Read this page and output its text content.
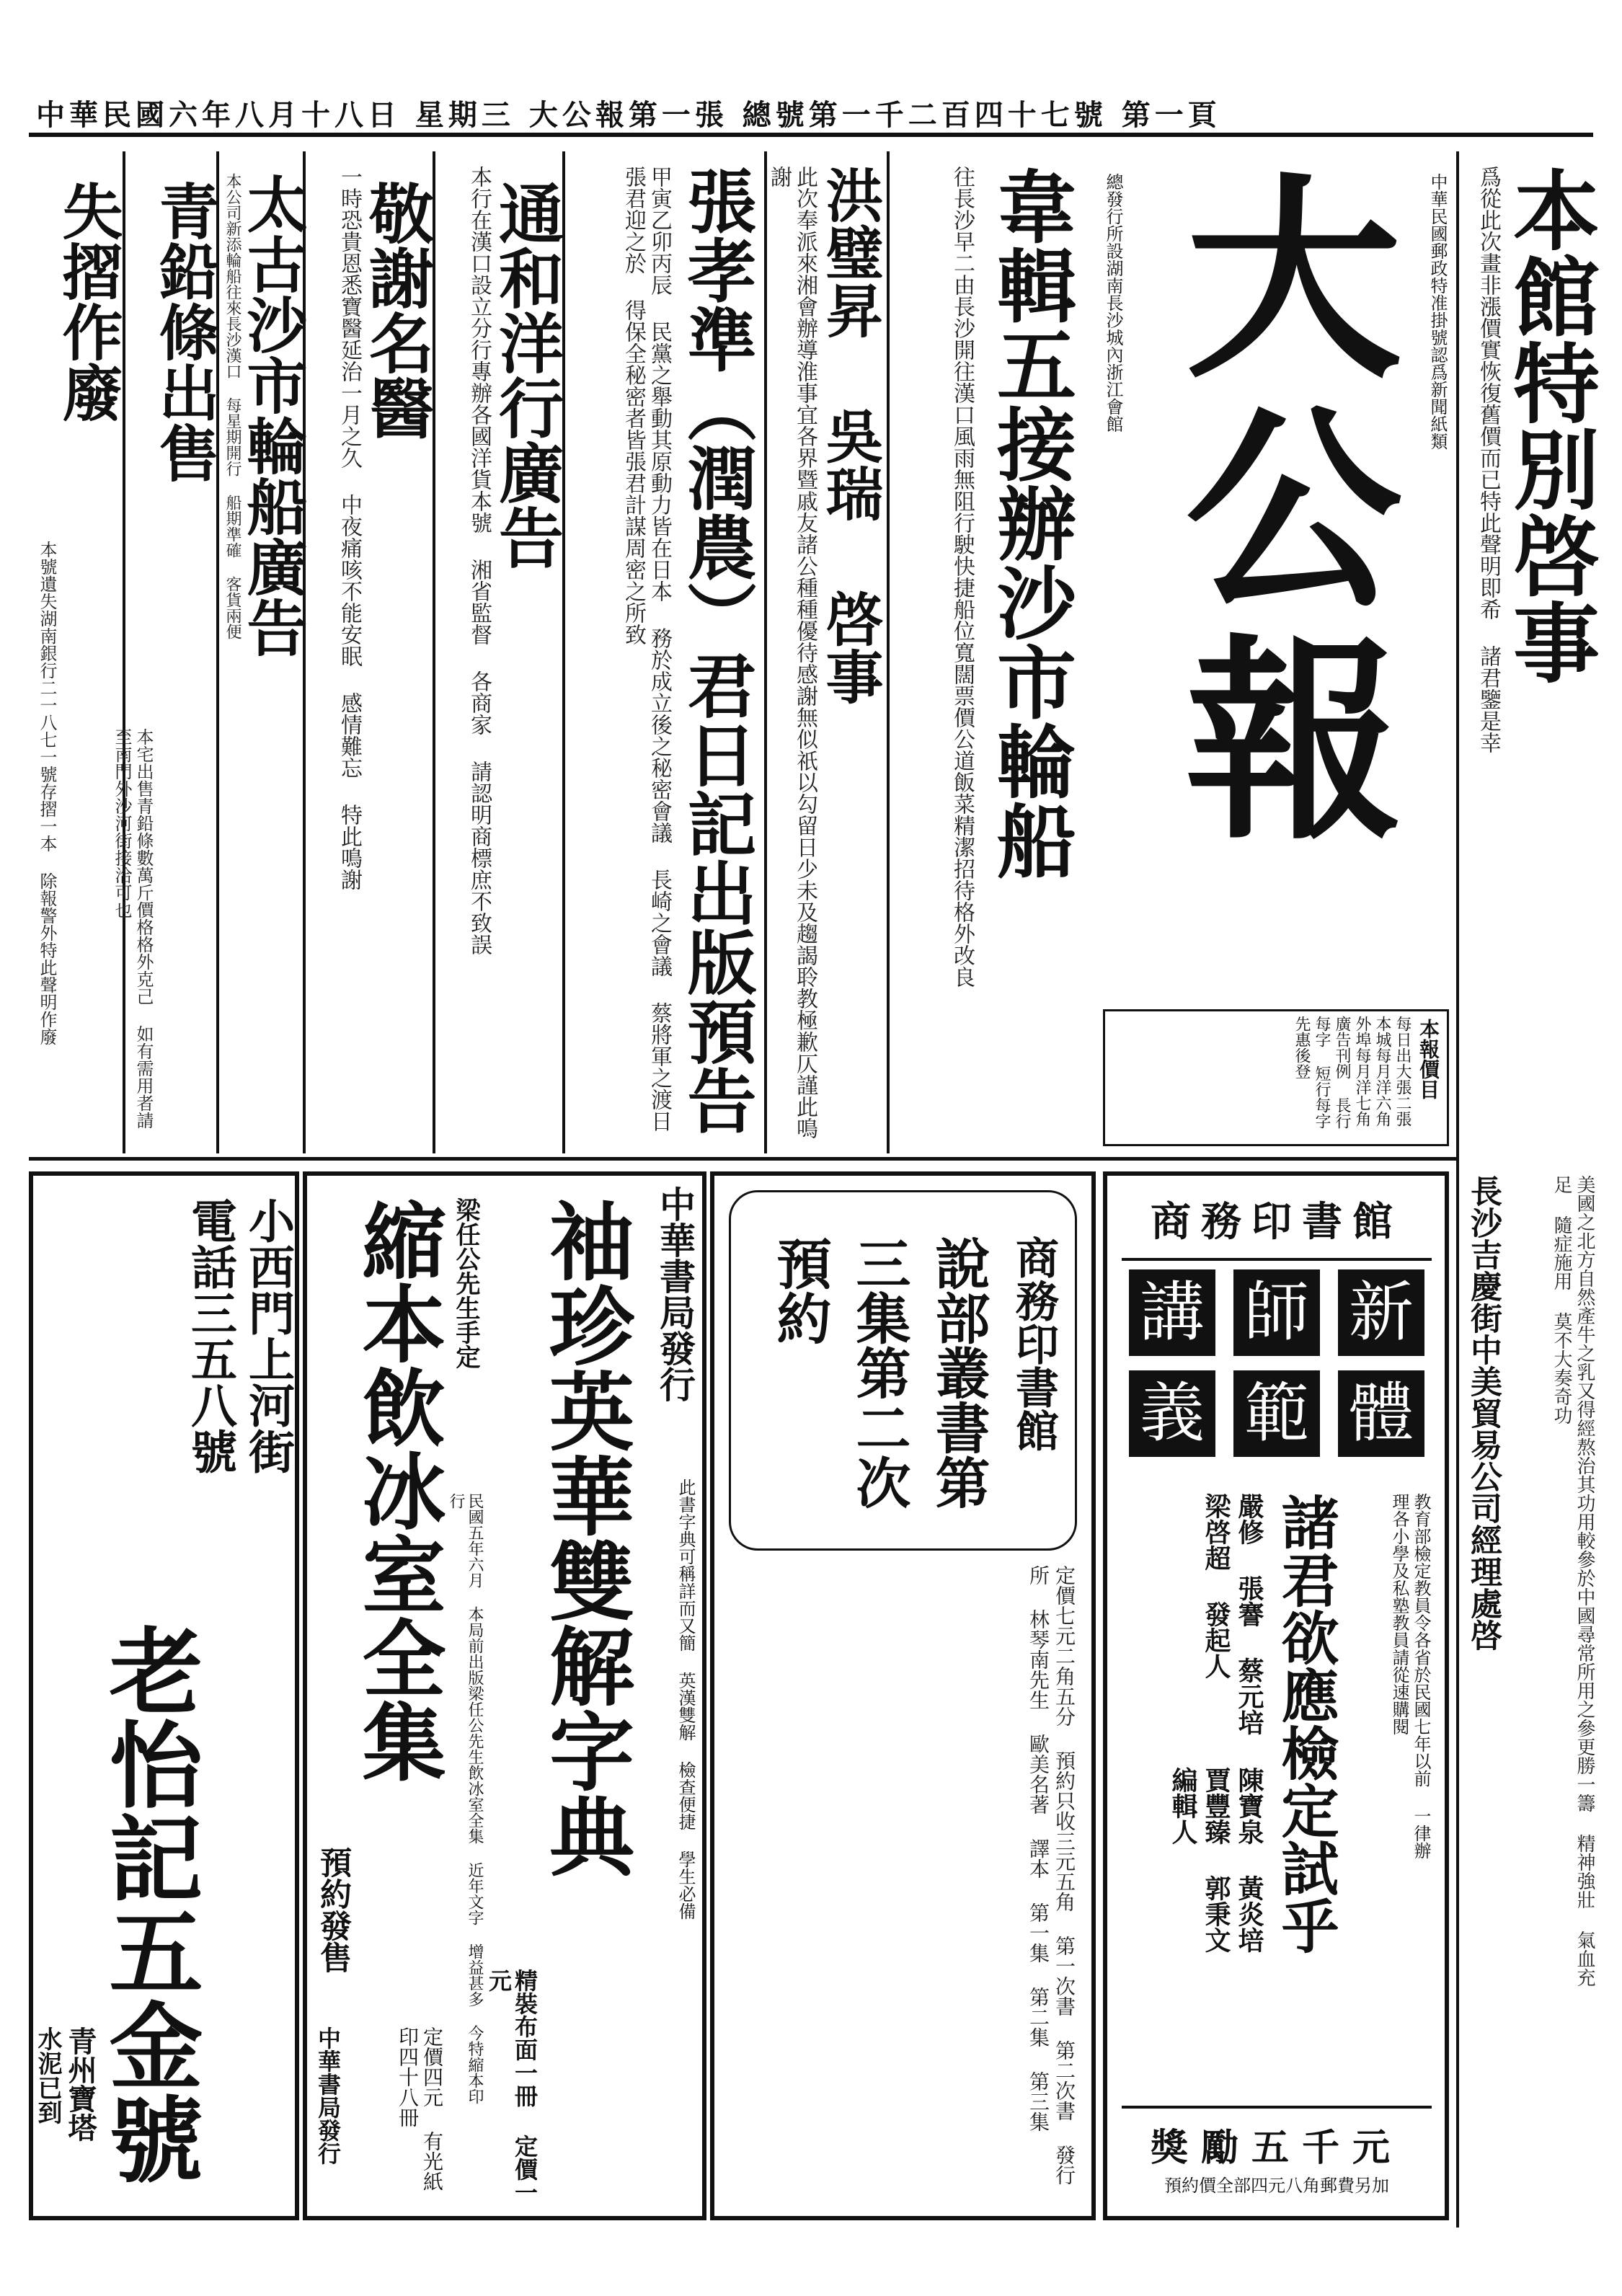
中華民國六年八月十八日 星期三 大公報第一張 總號第一千二百四十七號 第一頁
大公報	中華民國郵政特准掛號認爲新聞紙類
總發行所設湖南長沙城內浙江會館	本館特別啓事
爲從此次畫非漲價實恢復舊價而已特此聲明即希 諸君鑒是幸
本報價目
每日出大張二張 本城每月洋六角 外埠每月洋七角 廣告刊例 長行每字 短行每字 先惠後登
韋輯五接辦沙市輪船
往長沙早二由長沙開往漢口風雨無阻行駛快捷船位寬闊票價公道飯菜精潔招待格外改良
洪璧昇 吳瑞 啓事
此次奉派來湘會辦導淮事宜各界暨戚友諸公種種優待感謝無似祇以勾留日少未及趨謁聆教極歉仄謹此鳴謝
張孝準（潤農）君日記出版預告
甲寅乙卯丙辰 民黨之舉動其原動力皆在日本 務於成立後之秘密會議 長崎之會議 蔡將軍之渡日張君迎之於 得保全秘密者皆張君計謀周密之所致
通和洋行廣告
本行在漢口設立分行專辦各國洋貨本號 湘省監督 各商家 請認明商標庶不致誤
敬謝名醫
一時恐貴恩悉寶醫延治一月之久 中夜痛咳不能安眠 感情難忘 特此鳴謝
太古沙市輪船廣告
本公司新添輪船往來長沙漢口 每星期開行 船期準確 客貨兩便
青鉛條出售
本宅出售青鉛條數萬斤價格格外克己 如有需用者請至南門外沙河街接洽可也
失摺作廢
本號遺失湖南銀行二一八七一號存摺一本 除報警外特此聲明作廢
美國之北方自然產牛之乳又得經熬治其功用較參於中國尋常所用之參更勝一籌 精神強壯 氣血充足 隨症施用 莫不大奏奇功
長沙吉慶街中美貿易公司經理處啓
商務印書館
新
師
講
體
範
義
諸君欲應檢定試乎	教育部檢定教員令各省於民國七年以前 一律辦理各小學及私塾教員請從速購閱
嚴修 張謇 蔡元培 梁啓超 發起人
陳寶泉 黃炎培 賈豐臻 郭秉文 編輯人
獎勵五千元
預約價全部四元八角郵費另加
商務印書館
說部叢書第三集第二次預約
定價七元二角五分 預約只收三元五角 第一次書 第二次書 發行所 林琴南先生 歐美名著 譯本 第一集 第二集 第三集
中華書局發行
此書字典可稱詳而又簡 英漢雙解 檢查便捷 學生必備
袖珍英華雙解字典
精裝布面一冊 定價一元
梁任公先生手定
民國五年六月 本局前出版梁任公先生飲冰室全集 近年文字 增益甚多 今特縮本印行
縮本飲冰室全集
預約發售
定價四元 有光紙印四十八冊
中華書局發行
小西門上河街
電話三五八號
老怡記五金號
青州寶塔
水泥已到
